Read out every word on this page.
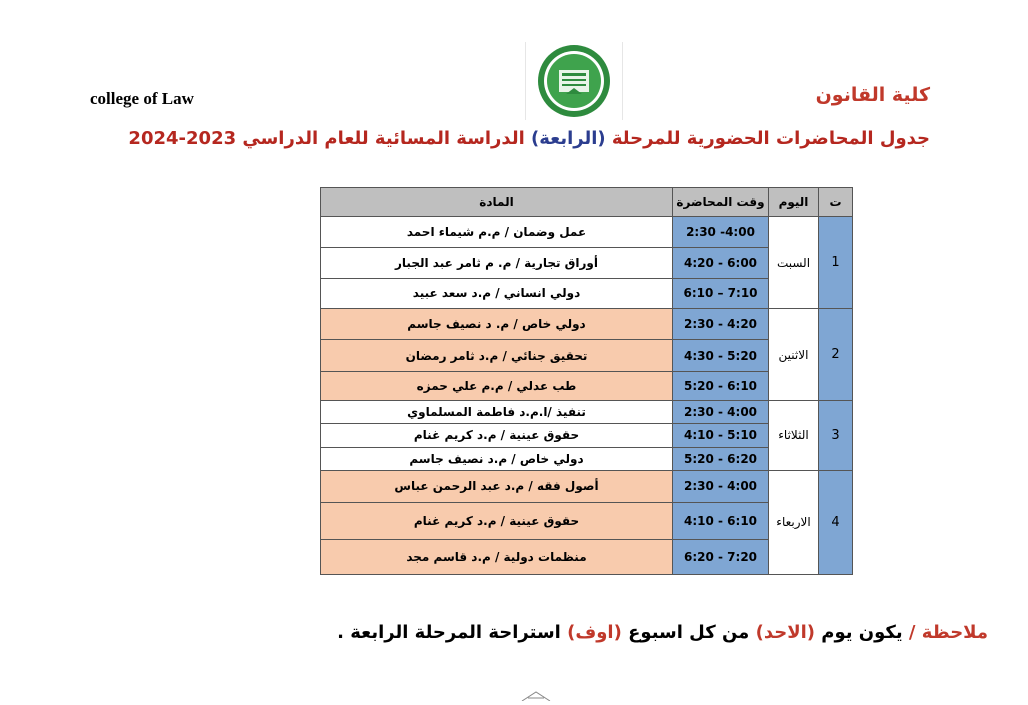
college of Law	كلية القانون
جدول المحاضرات الحضورية للمرحلة (الرابعة) الدراسة المسائية للعام الدراسي 2023-2024
ت	اليوم	وقت المحاضرة	المادة
1	السبت	2:30 -4:00	عمل وضمان / م.م شيماء احمد
		4:20 - 6:00	أوراق تجارية / م. م ثامر عبد الجبار
		6:10 – 7:10	دولي انساني / م.د سعد عبيد
2	الاثنين	2:30 - 4:20	دولي خاص / م. د نصيف جاسم
		4:30 - 5:20	تحقيق جنائي / م.د ثامر رمضان
		5:20 - 6:10	طب عدلي / م.م علي حمزه
3	الثلاثاء	2:30 - 4:00	تنفيذ /ا.م.د فاطمة المسلماوي
		4:10 - 5:10	حقوق عينية / م.د كريم غنام
		5:20 - 6:20	دولي خاص / م.د نصيف جاسم
4	الاربعاء	2:30 - 4:00	أصول فقه / م.د عبد الرحمن عباس
		4:10 - 6:10	حقوق عينية / م.د كريم غنام
		6:20 - 7:20	منظمات دولية / م.د قاسم مجد
ملاحظة / يكون يوم (الاحد) من كل اسبوع (اوف) استراحة المرحلة الرابعة .
